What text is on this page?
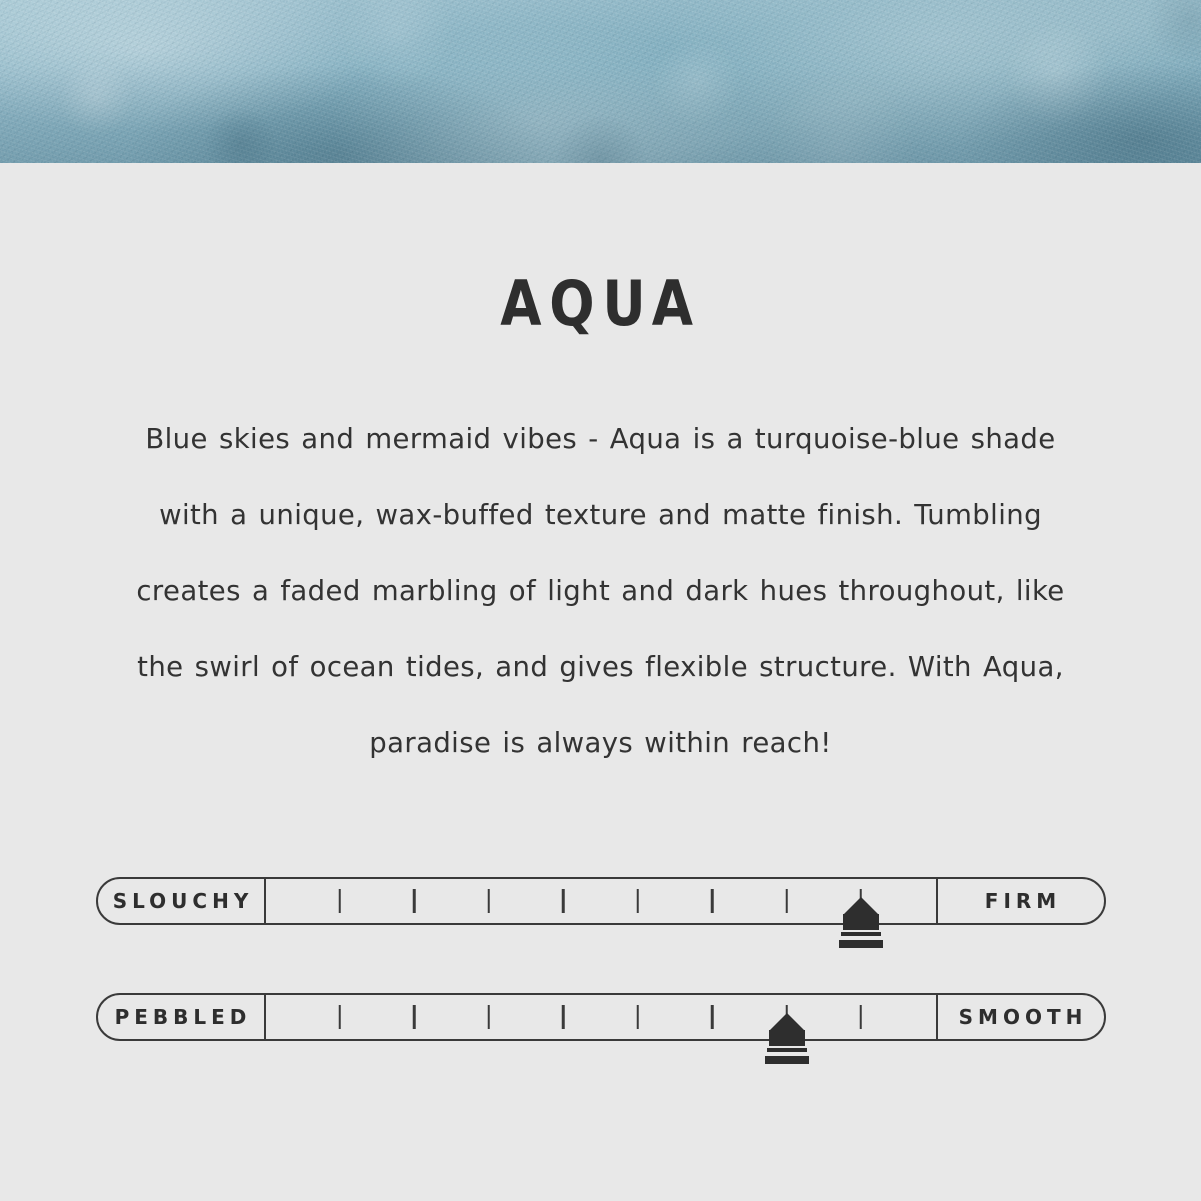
AQUA

Blue skies and mermaid vibes - Aqua is a turquoise-blue shade with a unique, wax-buffed texture and matte finish. Tumbling creates a faded marbling of light and dark hues throughout, like the swirl of ocean tides, and gives flexible structure. With Aqua, paradise is always within reach!

SLOUCHY	FIRM
PEBBLED	SMOOTH
